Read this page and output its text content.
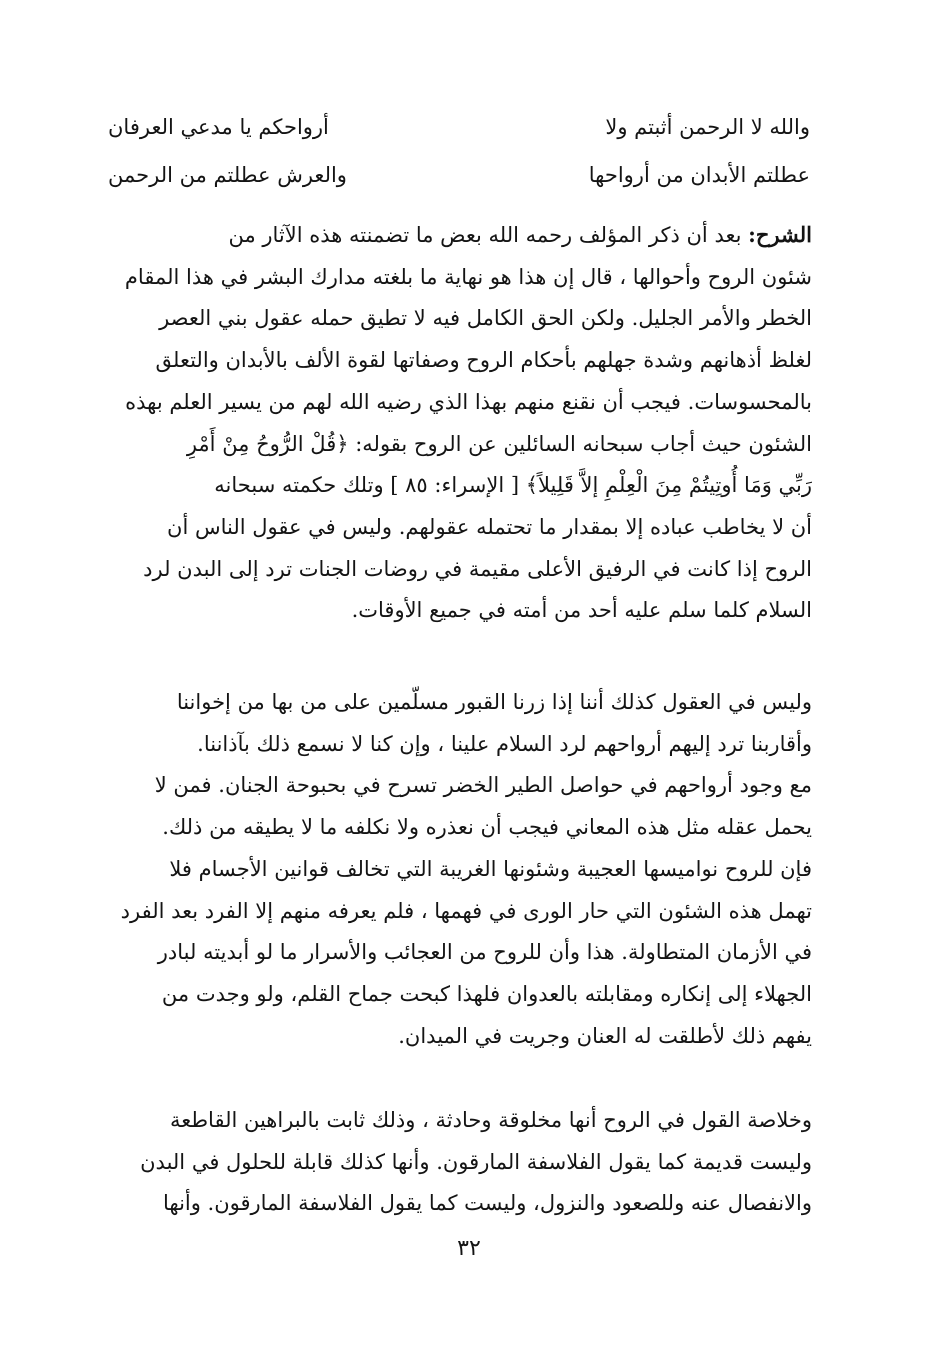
والله لا الرحمن أثبتم ولا
أرواحكم يا مدعي العرفان
عطلتم الأبدان من أرواحها
والعرش عطلتم من الرحمن
الشرح: بعد أن ذكر المؤلف رحمه الله بعض ما تضمنته هذه الآثار من
شئون الروح وأحوالها ، قال إن هذا هو نهاية ما بلغته مدارك البشر في هذا المقام
الخطر والأمر الجليل. ولكن الحق الكامل فيه لا تطيق حمله عقول بني العصر
لغلظ أذهانهم وشدة جهلهم بأحكام الروح وصفاتها لقوة الألف بالأبدان والتعلق
بالمحسوسات. فيجب أن نقنع منهم بهذا الذي رضيه الله لهم من يسير العلم بهذه
الشئون حيث أجاب سبحانه السائلين عن الروح بقوله: ﴿قُلْ الرُّوحُ مِنْ أَمْرِ
رَبِّي وَمَا أُوتِيتُمْ مِنَ الْعِلْمِ إلاَّ قَلِيلاً﴾ [ الإسراء: ٨٥ ] وتلك حكمته سبحانه
أن لا يخاطب عباده إلا بمقدار ما تحتمله عقولهم. وليس في عقول الناس أن
الروح إذا كانت في الرفيق الأعلى مقيمة في روضات الجنات ترد إلى البدن لرد
السلام كلما سلم عليه أحد من أمته في جميع الأوقات.
وليس في العقول كذلك أننا إذا زرنا القبور مسلّمين على من بها من إخواننا
وأقاربنا ترد إليهم أرواحهم لرد السلام علينا ، وإن كنا لا نسمع ذلك بآذاننا.
مع وجود أرواحهم في حواصل الطير الخضر تسرح في بحبوحة الجنان. فمن لا
يحمل عقله مثل هذه المعاني فيجب أن نعذره ولا نكلفه ما لا يطيقه من ذلك.
فإن للروح نواميسها العجيبة وشئونها الغريبة التي تخالف قوانين الأجسام فلا
تهمل هذه الشئون التي حار الورى في فهمها ، فلم يعرفه منهم إلا الفرد بعد الفرد
في الأزمان المتطاولة. هذا وأن للروح من العجائب والأسرار ما لو أبديته لبادر
الجهلاء إلى إنكاره ومقابلته بالعدوان فلهذا كبحت جماح القلم، ولو وجدت من
يفهم ذلك لأطلقت له العنان وجريت في الميدان.
وخلاصة القول في الروح أنها مخلوقة وحادثة ، وذلك ثابت بالبراهين القاطعة
وليست قديمة كما يقول الفلاسفة المارقون. وأنها كذلك قابلة للحلول في البدن
والانفصال عنه وللصعود والنزول، وليست كما يقول الفلاسفة المارقون. وأنها
٣٢
